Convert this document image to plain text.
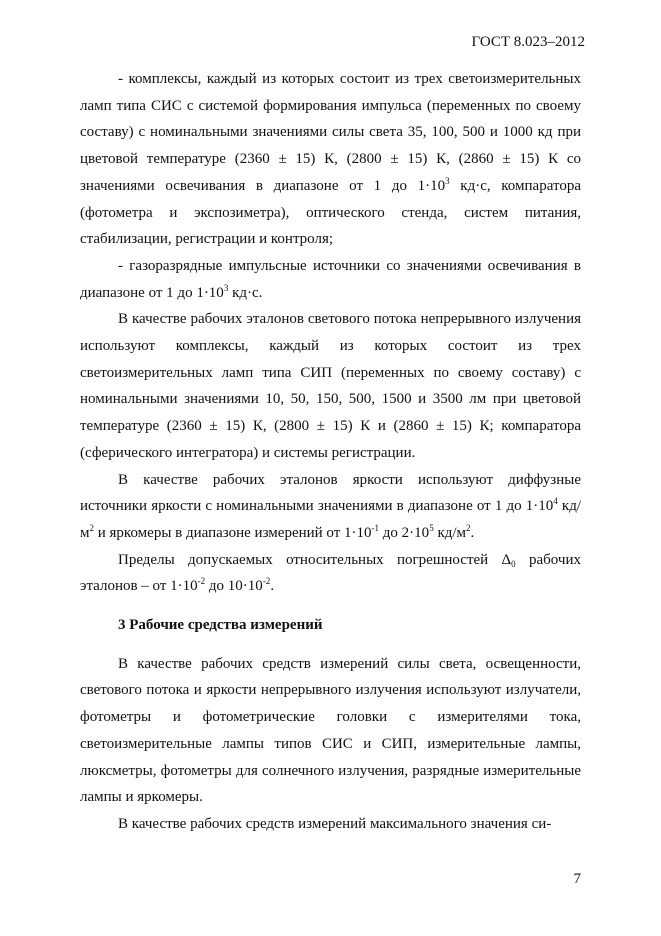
ГОСТ 8.023–2012

- комплексы, каждый из которых состоит из трех светоизмерительных ламп типа СИС с системой формирования импульса (переменных по своему составу) с номинальными значениями силы света 35, 100, 500 и 1000 кд при цветовой температуре (2360 ± 15) К, (2800 ± 15) К, (2860 ± 15) К со значениями освечивания в диапазоне от 1 до $1\cdot 10^3$ кд·с, компаратора (фотометра и экспозиметра), оптического стенда, систем питания, стабилизации, регистрации и контроля;

- газоразрядные импульсные источники со значениями освечивания в диапазоне от 1 до $1\cdot 10^3$ кд·с.

В качестве рабочих эталонов светового потока непрерывного излучения используют комплексы, каждый из которых состоит из трех светоизмерительных ламп типа СИП (переменных по своему составу) с номинальными значениями 10, 50, 150, 500, 1500 и 3500 лм при цветовой температуре (2360 ± 15) К, (2800 ± 15) К и (2860 ± 15) К; компаратора (сферического интегратора) и системы регистрации.

В качестве рабочих эталонов яркости используют диффузные источники яркости с номинальными значениями в диапазоне от 1 до $1\cdot 10^4$ $кд/м^2$ и яркомеры в диапазоне измерений от $1\cdot 10^{-1}$ до $2\cdot 10^5$ $кд/м^2$.

Пределы допускаемых относительных погрешностей $\Delta_0$ рабочих эталонов – от $1\cdot 10^{-2}$ до $10\cdot 10^{-2}$.

3 Рабочие средства измерений

В качестве рабочих средств измерений силы света, освещенности, светового потока и яркости непрерывного излучения используют излучатели, фотометры и фотометрические головки с измерителями тока, светоизмерительные лампы типов СИС и СИП, измерительные лампы, люксметры, фотометры для солнечного излучения, разрядные измерительные лампы и яркомеры.

В качестве рабочих средств измерений максимального значения си-

7
